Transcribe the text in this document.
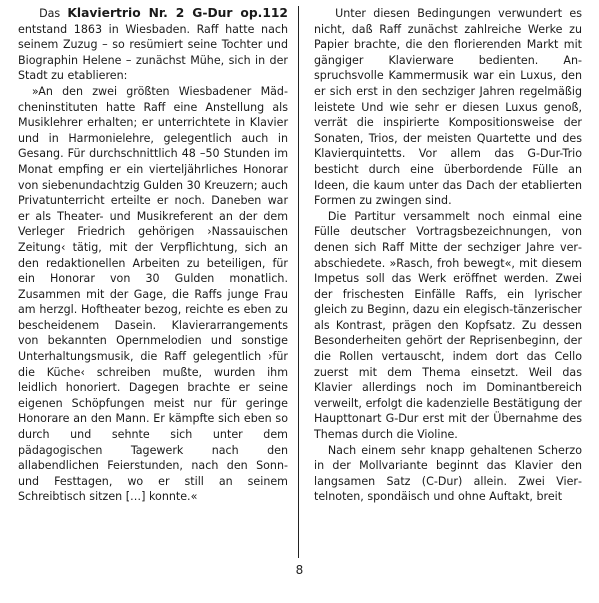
Das Klaviertrio Nr. 2 G-Dur op.112 entstand 1863 in Wiesbaden. Raff hatte nach seinem Zuzug – so resümiert seine Tochter und Biographin Helene – zunächst Mühe, sich in der Stadt zu etablieren:

»An den zwei größten Wiesbadener Mädcheninstituten hatte Raff eine Anstellung als Musiklehrer erhalten; er unterrichtete in Klavier und in Harmonielehre, gelegentlich auch in Gesang. Für durchschnittlich 48 –50 Stunden im Monat empfing er ein vierteljährliches Honorar von siebenundachtzig Gulden 30 Kreuzern; auch Privatunterricht erteilte er noch. Daneben war er als Theater- und Musikreferent an der dem Verleger Friedrich gehörigen ›Nassauischen Zeitung‹ tätig, mit der Verpflichtung, sich an den redaktionellen Arbeiten zu beteiligen, für ein Honorar von 30 Gulden monatlich. Zusammen mit der Gage, die Raffs junge Frau am herzgl. Hoftheater bezog, reichte es eben zu bescheidenem Dasein. Klavierarrangements von bekannten Opernmelodien und sonstige Unterhaltungsmusik, die Raff gelegentlich ›für die Küche‹ schreiben mußte, wurden ihm leidlich honoriert. Dagegen brachte er seine eigenen Schöpfungen meist nur für geringe Honorare an den Mann. Er kämpfte sich eben so durch und sehnte sich unter dem pädagogischen Tagewerk nach den allabendlichen Feierstunden, nach den Sonn- und Festtagen, wo er still an seinem Schreibtisch sitzen […] konnte.«

Unter diesen Bedingungen verwundert es nicht, daß Raff zunächst zahlreiche Werke zu Papier brachte, die den florierenden Markt mit gängiger Klavierware bedienten. Anspruchsvolle Kammermusik war ein Luxus, den er sich erst in den sechziger Jahren regelmäßig leistete Und wie sehr er diesen Luxus genoß, verrät die inspirierte Kompositionsweise der Sonaten, Trios, der meisten Quartette und des Klavierquintetts. Vor allem das G-Dur-Trio besticht durch eine überbordende Fülle an Ideen, die kaum unter das Dach der etablierten Formen zu zwingen sind.

Die Partitur versammelt noch einmal eine Fülle deutscher Vortragsbezeichnungen, von denen sich Raff Mitte der sechziger Jahre verabschiedete. »Rasch, froh bewegt«, mit diesem Impetus soll das Werk eröffnet werden. Zwei der frischesten Einfälle Raffs, ein lyrischer gleich zu Beginn, dazu ein elegisch-tänzerischer als Kontrast, prägen den Kopfsatz. Zu dessen Besonderheiten gehört der Reprisenbeginn, der die Rollen vertauscht, indem dort das Cello zuerst mit dem Thema einsetzt. Weil das Klavier allerdings noch im Dominantbereich verweilt, erfolgt die kadenzielle Bestätigung der Haupttonart G-Dur erst mit der Übernahme des Themas durch die Violine.

Nach einem sehr knapp gehaltenen Scherzo in der Mollvariante beginnt das Klavier den langsamen Satz (C-Dur) allein. Zwei Viertelnoten, spondäisch und ohne Auftakt, breit

8
